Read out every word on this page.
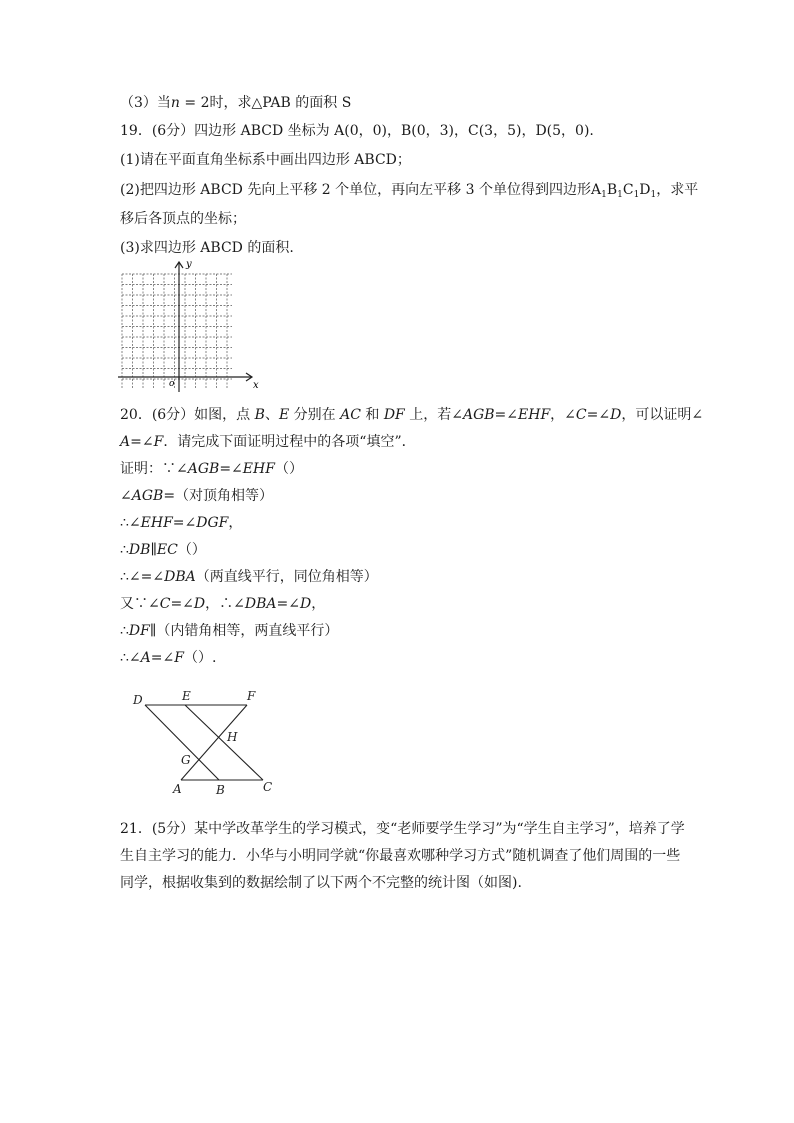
（3）当n = 2时，求△PAB 的面积 S
19．(6分）四边形 ABCD 坐标为 A(0，0)，B(0，3)，C(3，5)，D(5，0).
(1)请在平面直角坐标系中画出四边形 ABCD；
(2)把四边形 ABCD 先向上平移 2 个单位，再向左平移 3 个单位得到四边形$A_1B_1C_1D_1$，求平
移后各顶点的坐标；
(3)求四边形 ABCD 的面积.
x
y
o
20．(6分）如图，点 B、E 分别在 AC 和 DF 上，若∠AGB=∠EHF，∠C=∠D，可以证明∠
A=∠F．请完成下面证明过程中的各项“填空”．
证明：∵∠AGB=∠EHF（）
∠AGB=（对顶角相等）
∴∠EHF=∠DGF，
∴DB∥EC（）
∴∠=∠DBA（两直线平行，同位角相等）
又∵∠C=∠D，∴∠DBA=∠D，
∴DF∥（内错角相等，两直线平行）
∴∠A=∠F（）.
D	E	F
H
G
A	B	C
21．(5分）某中学改革学生的学习模式，变“老师要学生学习”为“学生自主学习”，培养了学
生自主学习的能力．小华与小明同学就“你最喜欢哪种学习方式”随机调查了他们周围的一些
同学，根据收集到的数据绘制了以下两个不完整的统计图（如图).
